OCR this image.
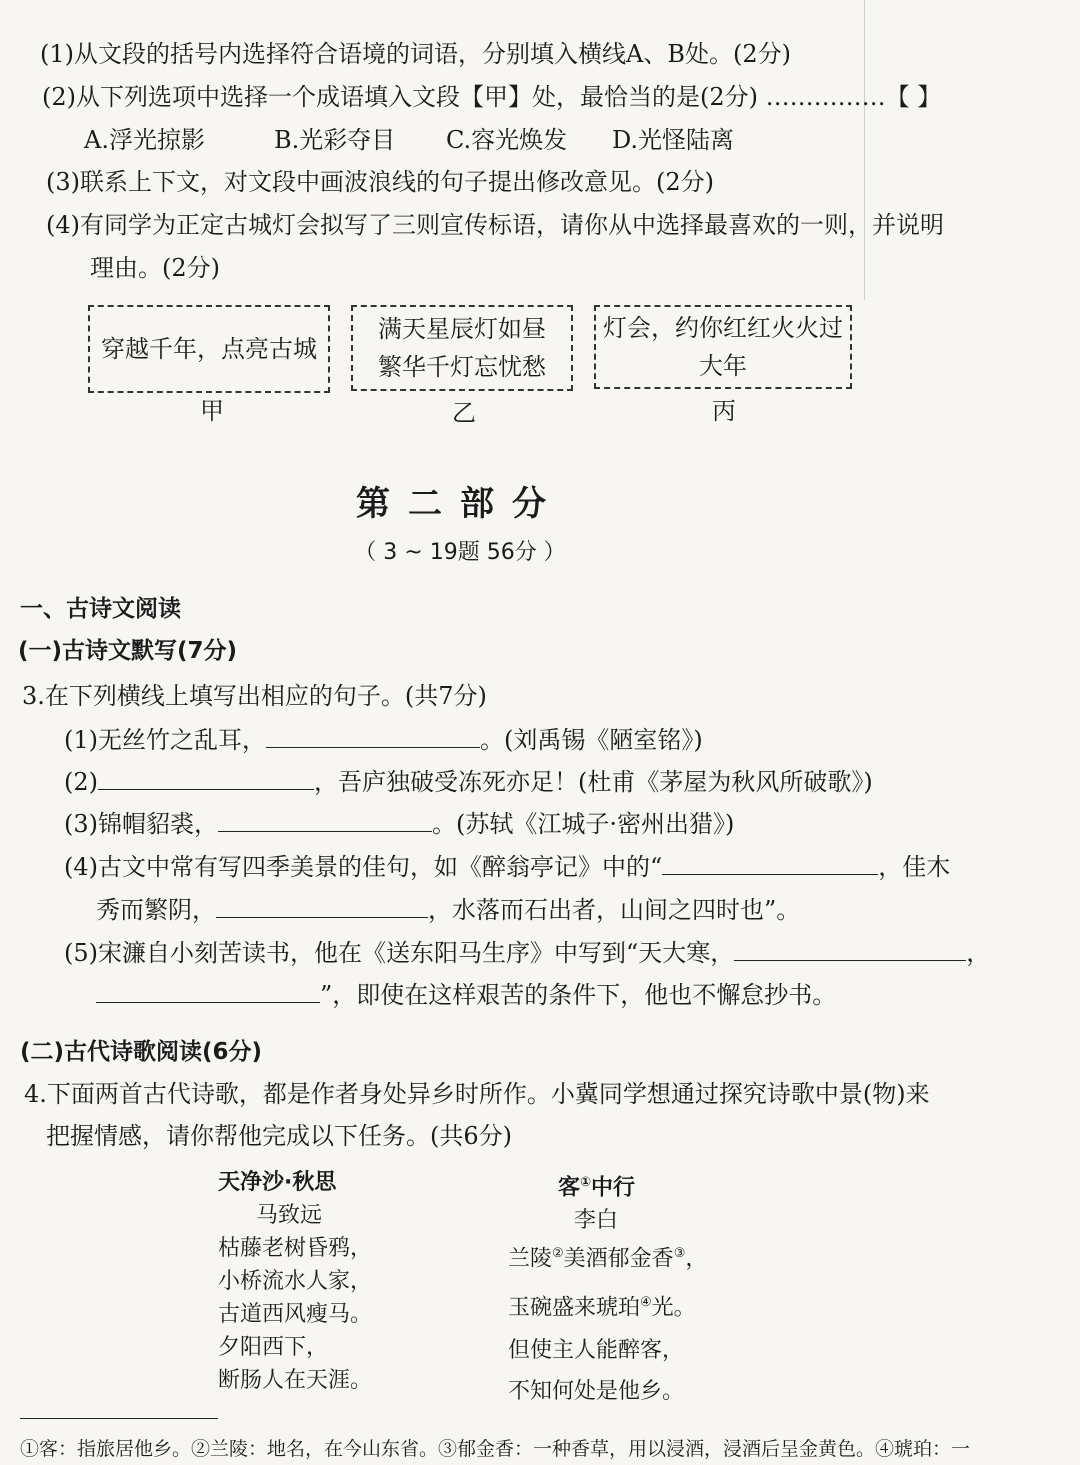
(1)从文段的括号内选择符合语境的词语，分别填入横线A、B处。(2分)
(2)从下列选项中选择一个成语填入文段【甲】处，最恰当的是(2分) ……………【 】
A.浮光掠影	B.光彩夺目 C.容光焕发 D.光怪陆离
(3)联系上下文，对文段中画波浪线的句子提出修改意见。(2分)
(4)有同学为正定古城灯会拟写了三则宣传标语，请你从中选择最喜欢的一则，并说明
理由。(2分)
穿越千年，点亮古城
满天星辰灯如昼
繁华千灯忘忧愁
灯会，约你红红火火过大年
甲	乙	丙
第二部分
（ 3 ~ 19题 56分 ）
一、古诗文阅读
(一)古诗文默写(7分)
3.在下列横线上填写出相应的句子。(共7分)
(1)无丝竹之乱耳，	。(刘禹锡《陋室铭》)
(2)	，吾庐独破受冻死亦足！(杜甫《茅屋为秋风所破歌》)
(3)锦帽貂裘，	。(苏轼《江城子·密州出猎》)
(4)古文中常有写四季美景的佳句，如《醉翁亭记》中的“	，佳木
秀而繁阴，	，水落而石出者，山间之四时也”。
(5)宋濂自小刻苦读书，他在《送东阳马生序》中写到“天大寒，	，
”，即使在这样艰苦的条件下，他也不懈怠抄书。
(二)古代诗歌阅读(6分)
4.下面两首古代诗歌，都是作者身处异乡时所作。小冀同学想通过探究诗歌中景(物)来
把握情感，请你帮他完成以下任务。(共6分)
天净沙·秋思
马致远
枯藤老树昏鸦，
小桥流水人家，
古道西风瘦马。
夕阳西下，
断肠人在天涯。
客①中行
李白
兰陵②美酒郁金香③，
玉碗盛来琥珀④光。
但使主人能醉客，
不知何处是他乡。
①客：指旅居他乡。②兰陵：地名，在今山东省。③郁金香：一种香草，用以浸酒，浸酒后呈金黄色。④琥珀：一
